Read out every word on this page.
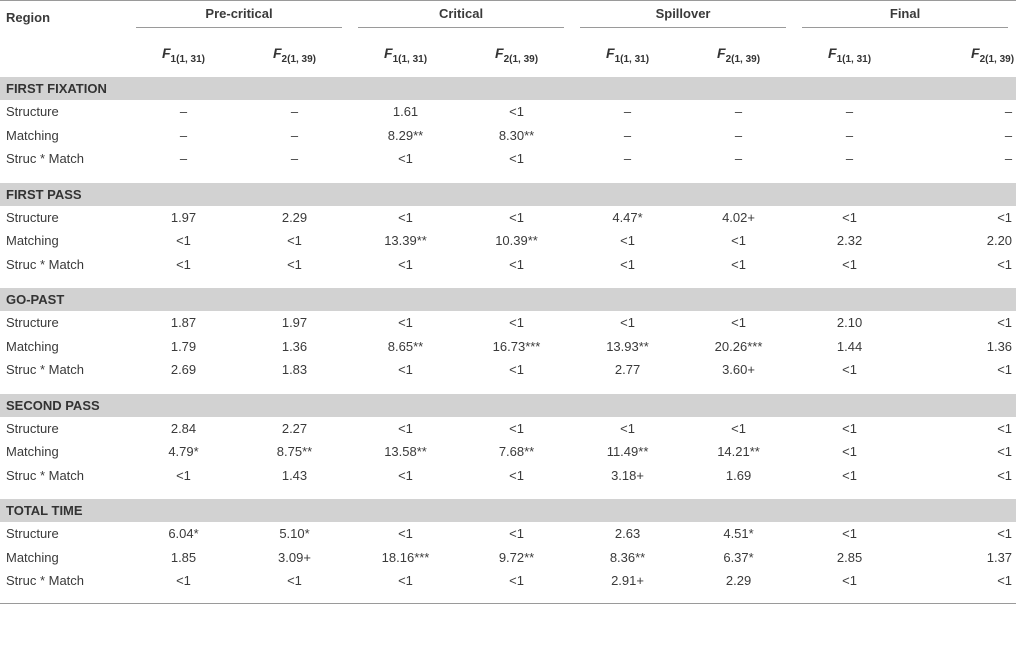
Region	Pre-critical		Critical		Spillover		Final	

	$F_{1(1, 31)}$	$F_{2(1, 39)}$	$F_{1(1, 31)}$	$F_{2(1, 39)}$	$F_{1(1, 31)}$	$F_{2(1, 39)}$	$F_{1(1, 31)}$	$F_{2(1, 39)}$
FIRST FIXATION								
Structure	–	–	1.61	<1	–	–	–	–
Matching	–	–	8.29**	8.30**	–	–	–	–
Struc * Match	–	–	<1	<1	–	–	–	–

FIRST PASS								
Structure	1.97	2.29	<1	<1	4.47*	4.02+	<1	<1
Matching	<1	<1	13.39**	10.39**	<1	<1	2.32	2.20
Struc * Match	<1	<1	<1	<1	<1	<1	<1	<1

GO-PAST								
Structure	1.87	1.97	<1	<1	<1	<1	2.10	<1
Matching	1.79	1.36	8.65**	16.73***	13.93**	20.26***	1.44	1.36
Struc * Match	2.69	1.83	<1	<1	2.77	3.60+	<1	<1

SECOND PASS								
Structure	2.84	2.27	<1	<1	<1	<1	<1	<1
Matching	4.79*	8.75**	13.58**	7.68**	11.49**	14.21**	<1	<1
Struc * Match	<1	1.43	<1	<1	3.18+	1.69	<1	<1

TOTAL TIME								
Structure	6.04*	5.10*	<1	<1	2.63	4.51*	<1	<1
Matching	1.85	3.09+	18.16***	9.72**	8.36**	6.37*	2.85	1.37
Struc * Match	<1	<1	<1	<1	2.91+	2.29	<1	<1
